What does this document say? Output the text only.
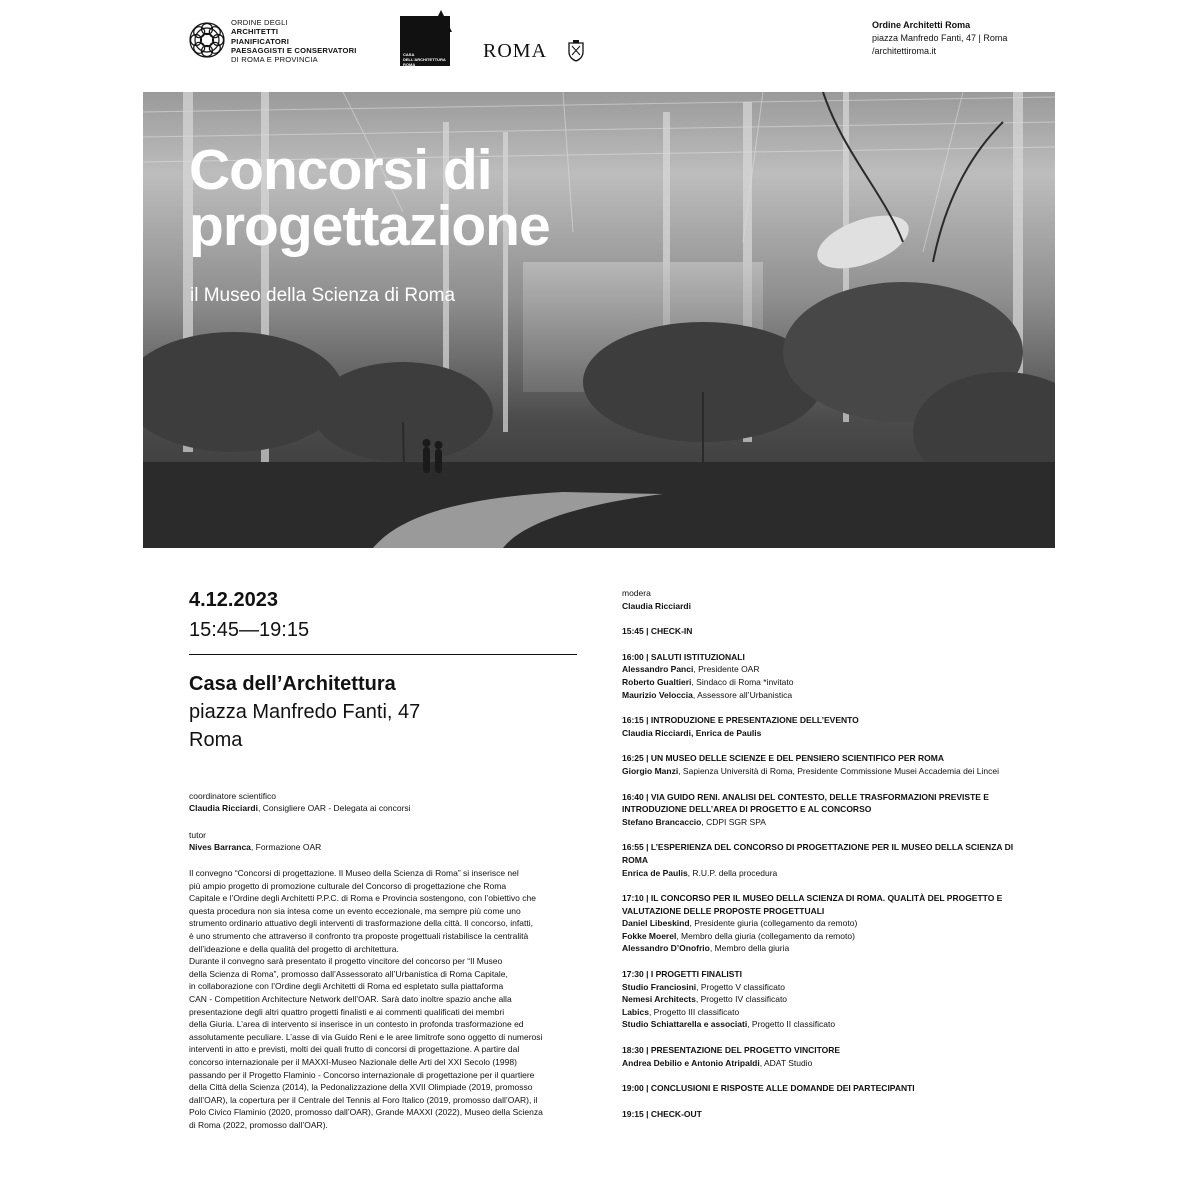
ORDINE DEGLI
ARCHITETTI
PIANIFICATORI
PAESAGGISTI E CONSERVATORI
DI ROMA E PROVINCIA
CASA DELL'ARCHITETTURA ROMA
ROMA
Ordine Architetti Roma
piazza Manfredo Fanti, 47 | Roma
/architettiroma.it
Concorsi di
progettazione
il Museo della Scienza di Roma
4.12.2023
15:45—19:15
Casa dell’Architettura
piazza Manfredo Fanti, 47
Roma
coordinatore scientifico
Claudia Ricciardi, Consigliere OAR - Delegata ai concorsi
tutor
Nives Barranca, Formazione OAR
Il convegno “Concorsi di progettazione. Il Museo della Scienza di Roma” si inserisce nel
più ampio progetto di promozione culturale del Concorso di progettazione che Roma
Capitale e l’Ordine degli Architetti P.P.C. di Roma e Provincia sostengono, con l’obiettivo che
questa procedura non sia intesa come un evento eccezionale, ma sempre più come uno
strumento ordinario attuativo degli interventi di trasformazione della città. Il concorso, infatti,
è uno strumento che attraverso il confronto tra proposte progettuali ristabilisce la centralità
dell’ideazione e della qualità del progetto di architettura.
Durante il convegno sarà presentato il progetto vincitore del concorso per “Il Museo
della Scienza di Roma”, promosso dall’Assessorato all’Urbanistica di Roma Capitale,
in collaborazione con l’Ordine degli Architetti di Roma ed espletato sulla piattaforma
CAN - Competition Architecture Network dell’OAR. Sarà dato inoltre spazio anche alla
presentazione degli altri quattro progetti finalisti e ai commenti qualificati dei membri
della Giuria. L’area di intervento si inserisce in un contesto in profonda trasformazione ed
assolutamente peculiare. L’asse di via Guido Reni e le aree limitrofe sono oggetto di numerosi
interventi in atto e previsti, molti dei quali frutto di concorsi di progettazione. A partire dal
concorso internazionale per il MAXXI-Museo Nazionale delle Arti del XXI Secolo (1998)
passando per il Progetto Flaminio - Concorso internazionale di progettazione per il quartiere
della Città della Scienza (2014), la Pedonalizzazione della XVII Olimpiade (2019, promosso
dall’OAR), la copertura per il Centrale del Tennis al Foro Italico (2019, promosso dall’OAR), il
Polo Civico Flaminio (2020, promosso dall’OAR), Grande MAXXI (2022), Museo della Scienza
di Roma (2022, promosso dall’OAR).
modera
Claudia Ricciardi
15:45 | CHECK-IN
16:00 | SALUTI ISTITUZIONALI
Alessandro Panci, Presidente OAR
Roberto Gualtieri, Sindaco di Roma *invitato
Maurizio Veloccia, Assessore all’Urbanistica
16:15 | INTRODUZIONE E PRESENTAZIONE DELL’EVENTO
Claudia Ricciardi, Enrica de Paulis
16:25 | UN MUSEO DELLE SCIENZE E DEL PENSIERO SCIENTIFICO PER ROMA
Giorgio Manzi, Sapienza Università di Roma, Presidente Commissione Musei Accademia dei Lincei
16:40 | VIA GUIDO RENI. ANALISI DEL CONTESTO, DELLE TRASFORMAZIONI PREVISTE E INTRODUZIONE DELL’AREA DI PROGETTO E AL CONCORSO
Stefano Brancaccio, CDPI SGR SPA
16:55 | L’ESPERIENZA DEL CONCORSO DI PROGETTAZIONE PER IL MUSEO DELLA SCIENZA DI ROMA
Enrica de Paulis, R.U.P. della procedura
17:10 | IL CONCORSO PER IL MUSEO DELLA SCIENZA DI ROMA. QUALITÀ DEL PROGETTO E VALUTAZIONE DELLE PROPOSTE PROGETTUALI
Daniel Libeskind, Presidente giuria (collegamento da remoto)
Fokke Moerel, Membro della giuria (collegamento da remoto)
Alessandro D’Onofrio, Membro della giuria
17:30 | I PROGETTI FINALISTI
Studio Franciosini, Progetto V classificato
Nemesi Architects, Progetto IV classificato
Labics, Progetto III classificato
Studio Schiattarella e associati, Progetto II classificato
18:30 | PRESENTAZIONE DEL PROGETTO VINCITORE
Andrea Debilio e Antonio Atripaldi, ADAT Studio
19:00 | CONCLUSIONI E RISPOSTE ALLE DOMANDE DEI PARTECIPANTI
19:15 | CHECK-OUT
